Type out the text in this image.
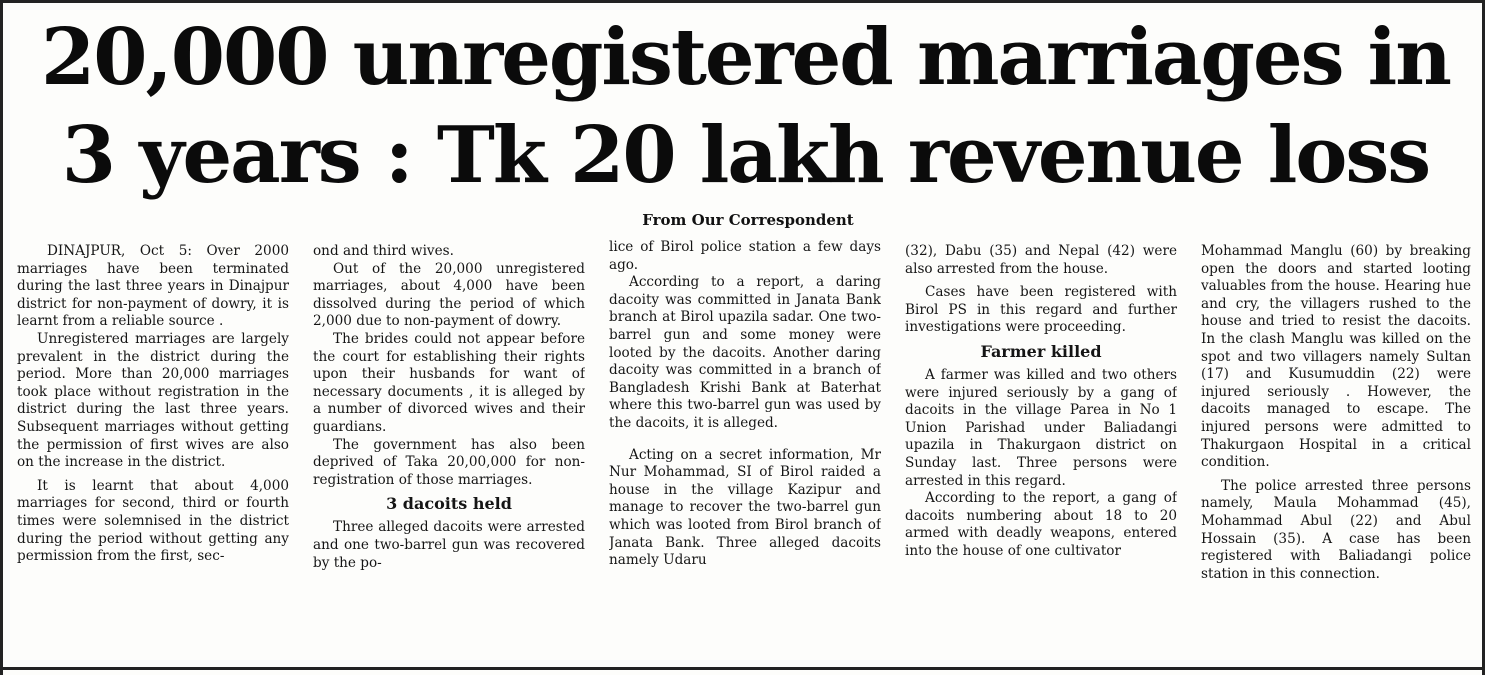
20,000 unregistered marriages in
3 years : Tk 20 lakh revenue loss
From Our Correspondent

DINAJPUR, Oct 5: Over 2000 marriages have been terminated during the last three years in Dinajpur district for non-payment of dowry, it is learnt from a reliable source .

Unregistered marriages are largely prevalent in the district during the period. More than 20,000 marriages took place without registration in the district during the last three years. Subsequent marriages without getting the permission of first wives are also on the increase in the district.

It is learnt that about 4,000 marriages for second, third or fourth times were solemnised in the district during the period without getting any permission from the first, sec-

ond and third wives.

Out of the 20,000 unregistered marriages, about 4,000 have been dissolved during the period of which 2,000 due to non-payment of dowry.

The brides could not appear before the court for establishing their rights upon their husbands for want of necessary documents , it is alleged by a number of divorced wives and their guardians.

The government has also been deprived of Taka 20,00,000 for non-registration of those marriages.

3 dacoits held

Three alleged dacoits were arrested and one two-barrel gun was recovered by the po-

lice of Birol police station a few days ago.

According to a report, a daring dacoity was committed in Janata Bank branch at Birol upazila sadar. One two-barrel gun and some money were looted by the dacoits. Another daring dacoity was committed in a branch of Bangladesh Krishi Bank at Baterhat where this two-barrel gun was used by the dacoits, it is alleged.

Acting on a secret information, Mr Nur Mohammad, SI of Birol raided a house in the village Kazipur and manage to recover the two-barrel gun which was looted from Birol branch of Janata Bank. Three alleged dacoits namely Udaru

(32), Dabu (35) and Nepal (42) were also arrested from the house.

Cases have been registered with Birol PS in this regard and further investigations were proceeding.

Farmer killed

A farmer was killed and two others were injured seriously by a gang of dacoits in the village Parea in No 1 Union Parishad under Baliadangi upazila in Thakurgaon district on Sunday last. Three persons were arrested in this regard.

According to the report, a gang of dacoits numbering about 18 to 20 armed with deadly weapons, entered into the house of one cultivator

Mohammad Manglu (60) by breaking open the doors and started looting valuables from the house. Hearing hue and cry, the villagers rushed to the house and tried to resist the dacoits. In the clash Manglu was killed on the spot and two villagers namely Sultan (17) and Kusumuddin (22) were injured seriously . However, the dacoits managed to escape. The injured persons were admitted to Thakurgaon Hospital in a critical condition.

The police arrested three persons namely, Maula Mohammad (45), Mohammad Abul (22) and Abul Hossain (35). A case has been registered with Baliadangi police station in this connection.
